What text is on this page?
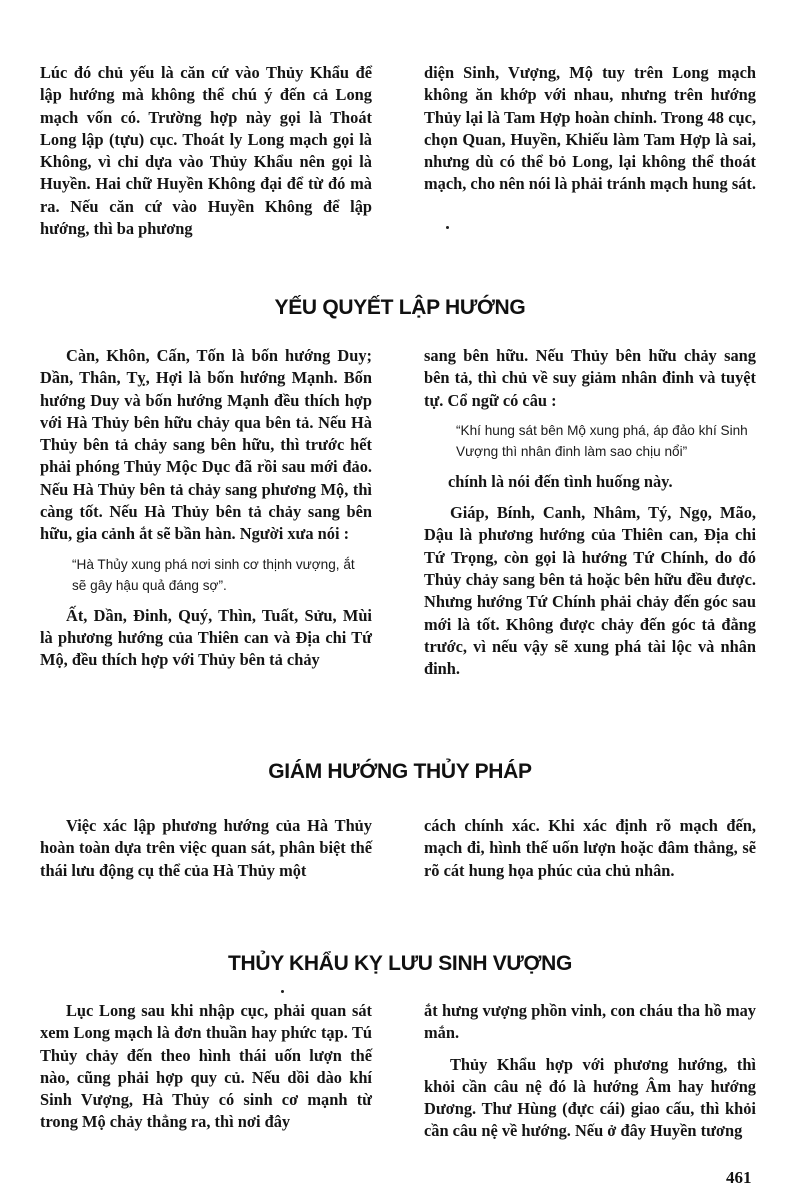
Lúc đó chủ yếu là căn cứ vào Thủy Khẩu để lập hướng mà không thể chú ý đến cả Long mạch vốn có. Trường hợp này gọi là Thoát Long lập (tựu) cục. Thoát ly Long mạch gọi là Không, vì chỉ dựa vào Thủy Khẩu nên gọi là Huyền. Hai chữ Huyền Không đại để từ đó mà ra. Nếu căn cứ vào Huyền Không để lập hướng, thì ba phương

diện Sinh, Vượng, Mộ tuy trên Long mạch không ăn khớp với nhau, nhưng trên hướng Thủy lại là Tam Hợp hoàn chỉnh. Trong 48 cục, chọn Quan, Huyền, Khiếu làm Tam Hợp là sai, nhưng dù có thể bỏ Long, lại không thể thoát mạch, cho nên nói là phải tránh mạch hung sát.

YẾU QUYẾT LẬP HƯỚNG

Càn, Khôn, Cấn, Tốn là bốn hướng Duy; Dần, Thân, Tỵ, Hợi là bốn hướng Mạnh. Bốn hướng Duy và bốn hướng Mạnh đều thích hợp với Hà Thủy bên hữu chảy qua bên tả. Nếu Hà Thủy bên tả chảy sang bên hữu, thì trước hết phải phóng Thủy Mộc Dục đã rồi sau mới đảo. Nếu Hà Thủy bên tả chảy sang phương Mộ, thì càng tốt. Nếu Hà Thủy bên tả chảy sang bên hữu, gia cảnh ắt sẽ bần hàn. Người xưa nói :

“Hà Thủy xung phá nơi sinh cơ thịnh vượng, ắt sẽ gây hậu quả đáng sợ”.

Ất, Dần, Đinh, Quý, Thìn, Tuất, Sửu, Mùi là phương hướng của Thiên can và Địa chi Tứ Mộ, đều thích hợp với Thủy bên tả chảy

sang bên hữu. Nếu Thủy bên hữu chảy sang bên tả, thì chủ về suy giảm nhân đinh và tuyệt tự. Cổ ngữ có câu :

“Khí hung sát bên Mộ xung phá, áp đảo khí Sinh Vượng thì nhân đinh làm sao chịu nổi”

chính là nói đến tình huống này.

Giáp, Bính, Canh, Nhâm, Tý, Ngọ, Mão, Dậu là phương hướng của Thiên can, Địa chi Tứ Trọng, còn gọi là hướng Tứ Chính, do đó Thủy chảy sang bên tả hoặc bên hữu đều được. Nhưng hướng Tứ Chính phải chảy đến góc sau mới là tốt. Không được chảy đến góc tả đằng trước, vì nếu vậy sẽ xung phá tài lộc và nhân đinh.

GIÁM HƯỚNG THỦY PHÁP

Việc xác lập phương hướng của Hà Thủy hoàn toàn dựa trên việc quan sát, phân biệt thế thái lưu động cụ thể của Hà Thủy một

cách chính xác. Khi xác định rõ mạch đến, mạch đi, hình thế uốn lượn hoặc đâm thẳng, sẽ rõ cát hung họa phúc của chủ nhân.

THỦY KHẨU KỴ LƯU SINH VƯỢNG

Lục Long sau khi nhập cục, phải quan sát xem Long mạch là đơn thuần hay phức tạp. Tú Thủy chảy đến theo hình thái uốn lượn thế nào, cũng phải hợp quy củ. Nếu dồi dào khí Sinh Vượng, Hà Thủy có sinh cơ mạnh từ trong Mộ chảy thẳng ra, thì nơi đây

ắt hưng vượng phồn vinh, con cháu tha hồ may mắn.

Thủy Khẩu hợp với phương hướng, thì khỏi cần câu nệ đó là hướng Âm hay hướng Dương. Thư Hùng (đực cái) giao cấu, thì khỏi cần câu nệ về hướng. Nếu ở đây Huyền tương

461
